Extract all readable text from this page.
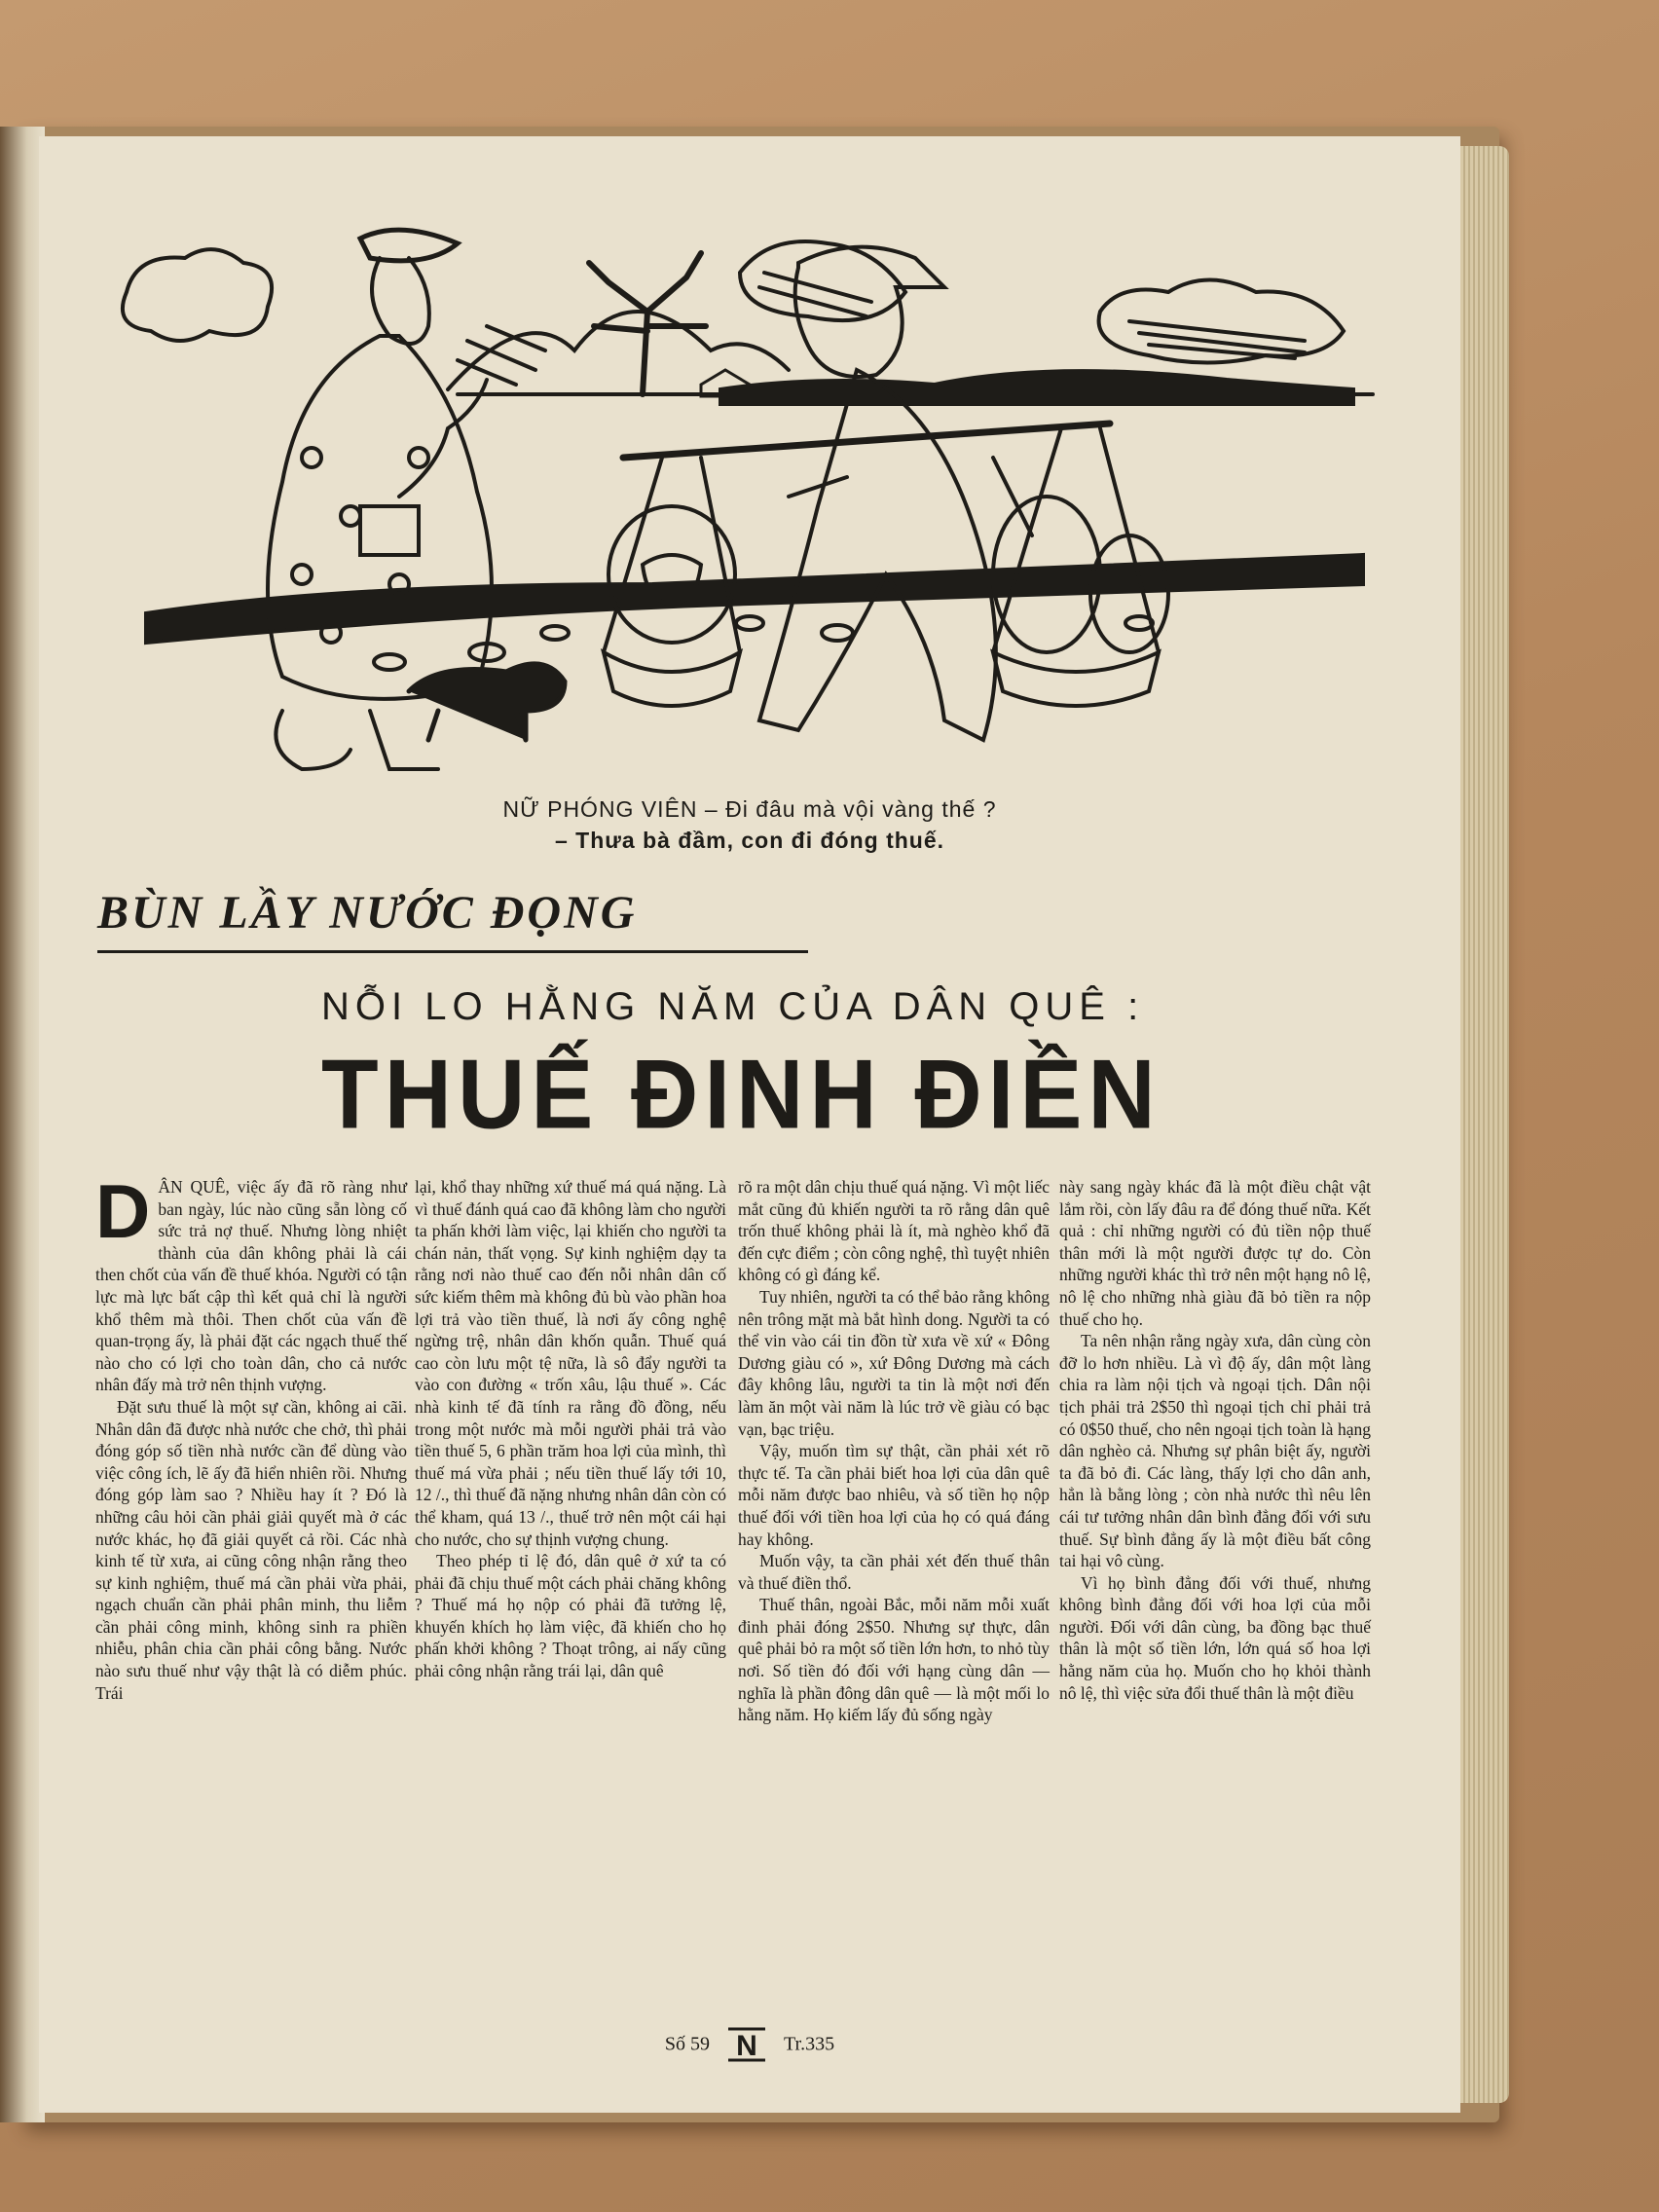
NỮ PHÓNG VIÊN – Đi đâu mà vội vàng thế ?
– Thưa bà đầm, con đi đóng thuế.
BÙN LẦY NƯỚC ĐỌNG
NỖI LO HẰNG NĂM CỦA DÂN QUÊ :
THUẾ ĐINH ĐIỀN
D ÂN QUÊ, việc ấy đã rõ ràng như ban ngày, lúc nào cũng sẵn lòng cố sức trả nợ thuế. Nhưng lòng nhiệt thành của dân không phải là cái then chốt của vấn đề thuế khóa. Người có tận lực mà lực bất cập thì kết quả chỉ là người khổ thêm mà thôi. Then chốt của vấn đề quan-trọng ấy, là phải đặt các ngạch thuế thế nào cho có lợi cho toàn dân, cho cả nước nhân đấy mà trở nên thịnh vượng.

Đặt sưu thuế là một sự cần, không ai cãi. Nhân dân đã được nhà nước che chở, thì phải đóng góp số tiền nhà nước cần để dùng vào việc công ích, lẽ ấy đã hiển nhiên rồi. Nhưng đóng góp làm sao ? Nhiều hay ít ? Đó là những câu hỏi cần phải giải quyết mà ở các nước khác, họ đã giải quyết cả rồi. Các nhà kinh tế từ xưa, ai cũng công nhận rằng theo sự kinh nghiệm, thuế má cần phải vừa phải, ngạch chuẩn cần phải phân minh, thu liễm cần phải công minh, không sinh ra phiền nhiễu, phân chia cần phải công bằng. Nước nào sưu thuế như vậy thật là có diễm phúc. Trái

lại, khổ thay những xứ thuế má quá nặng. Là vì thuế đánh quá cao đã không làm cho người ta phấn khởi làm việc, lại khiến cho người ta chán nản, thất vọng. Sự kinh nghiệm dạy ta rằng nơi nào thuế cao đến nỗi nhân dân cố sức kiếm thêm mà không đủ bù vào phần hoa lợi trả vào tiền thuế, là nơi ấy công nghệ ngừng trệ, nhân dân khốn quẫn. Thuế quá cao còn lưu một tệ nữa, là sô đẩy người ta vào con đường « trốn xâu, lậu thuế ». Các nhà kinh tế đã tính ra rằng đồ đồng, nếu trong một nước mà mỗi người phải trả vào tiền thuế 5, 6 phần trăm hoa lợi của mình, thì thuế má vừa phải ; nếu tiền thuế lấy tới 10, 12 /., thì thuế đã nặng nhưng nhân dân còn có thể kham, quá 13 /., thuế trở nên một cái hại cho nước, cho sự thịnh vượng chung.

Theo phép tỉ lệ đó, dân quê ở xứ ta có phải đã chịu thuế một cách phải chăng không ? Thuế má họ nộp có phải đã tưởng lệ, khuyến khích họ làm việc, đã khiến cho họ phấn khởi không ? Thoạt trông, ai nấy cũng phải công nhận rằng trái lại, dân quê

rõ ra một dân chịu thuế quá nặng. Vì một liếc mắt cũng đủ khiến người ta rõ rằng dân quê trốn thuế không phải là ít, mà nghèo khổ đã đến cực điểm ; còn công nghệ, thì tuyệt nhiên không có gì đáng kể.

Tuy nhiên, người ta có thể bảo rằng không nên trông mặt mà bắt hình dong. Người ta có thể vin vào cái tin đồn từ xưa về xứ « Đông Dương giàu có », xứ Đông Dương mà cách đây không lâu, người ta tin là một nơi đến làm ăn một vài năm là lúc trở về giàu có bạc vạn, bạc triệu.

Vậy, muốn tìm sự thật, cần phải xét rõ thực tế. Ta cần phải biết hoa lợi của dân quê mỗi năm được bao nhiêu, và số tiền họ nộp thuế đối với tiền hoa lợi của họ có quá đáng hay không.

Muốn vậy, ta cần phải xét đến thuế thân và thuế điền thổ.

Thuế thân, ngoài Bắc, mỗi năm mỗi xuất đinh phải đóng 2$50. Nhưng sự thực, dân quê phải bỏ ra một số tiền lớn hơn, to nhỏ tùy nơi. Số tiền đó đối với hạng cùng dân — nghĩa là phần đông dân quê — là một mối lo hằng năm. Họ kiếm lấy đủ sống ngày

này sang ngày khác đã là một điều chật vật lắm rồi, còn lấy đâu ra để đóng thuế nữa. Kết quả : chỉ những người có đủ tiền nộp thuế thân mới là một người được tự do. Còn những người khác thì trở nên một hạng nô lệ, nô lệ cho những nhà giàu đã bỏ tiền ra nộp thuế cho họ.

Ta nên nhận rằng ngày xưa, dân cùng còn đỡ lo hơn nhiều. Là vì độ ấy, dân một làng chia ra làm nội tịch và ngoại tịch. Dân nội tịch phải trả 2$50 thì ngoại tịch chỉ phải trả có 0$50 thuế, cho nên ngoại tịch toàn là hạng dân nghèo cả. Nhưng sự phân biệt ấy, người ta đã bỏ đi. Các làng, thấy lợi cho dân anh, hẳn là bằng lòng ; còn nhà nước thì nêu lên cái tư tưởng nhân dân bình đẳng đối với sưu thuế. Sự bình đẳng ấy là một điều bất công tai hại vô cùng.

Vì họ bình đẳng đối với thuế, nhưng không bình đẳng đối với hoa lợi của mỗi người. Đối với dân cùng, ba đồng bạc thuế thân là một số tiền lớn, lớn quá số hoa lợi hằng năm của họ. Muốn cho họ khỏi thành nô lệ, thì việc sửa đổi thuế thân là một điều

Số 59 N Tr.335
